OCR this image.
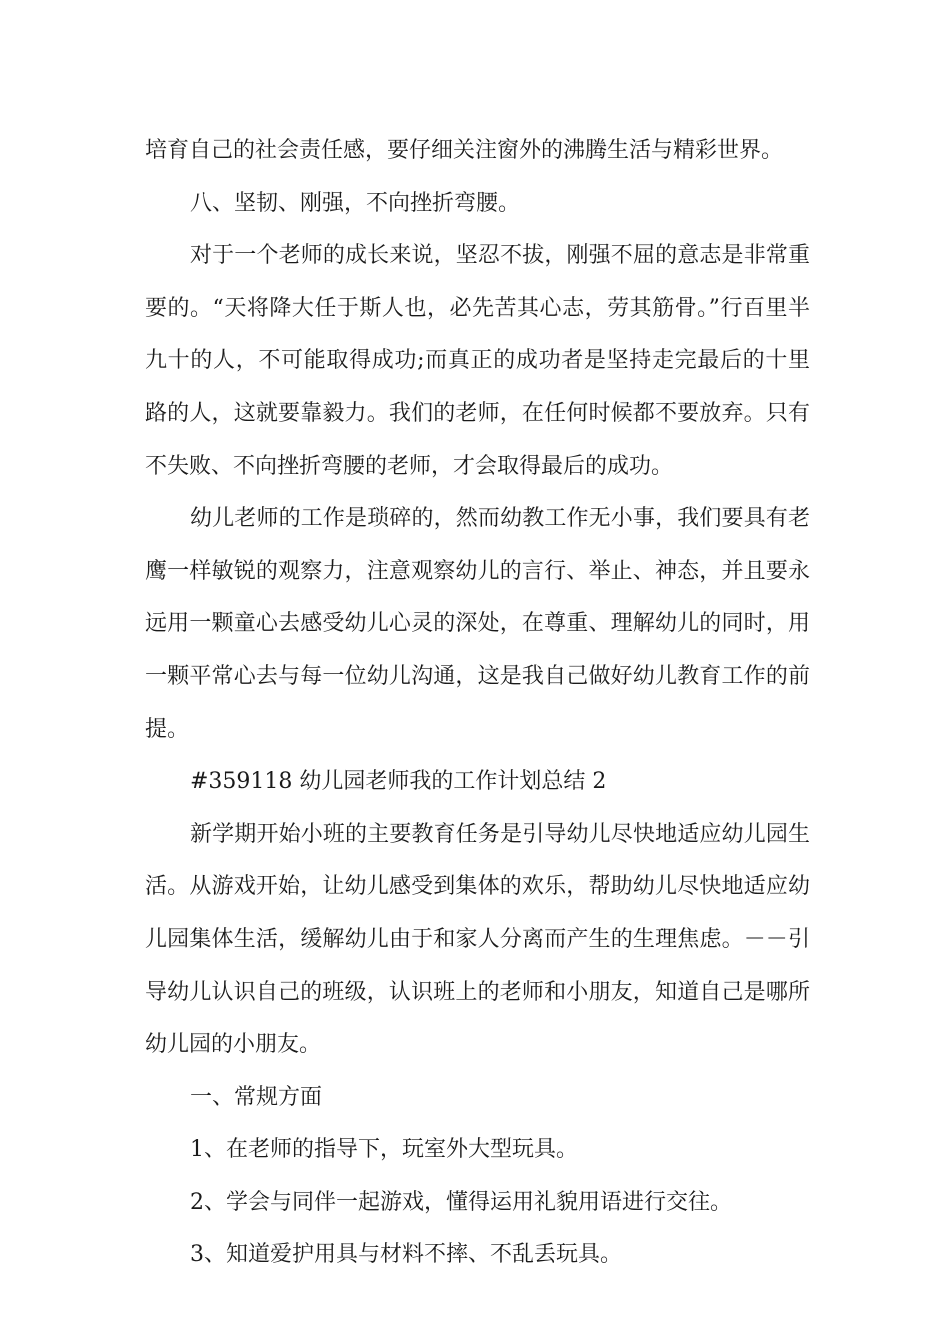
培育自己的社会责任感，要仔细关注窗外的沸腾生活与精彩世界。

八、坚韧、刚强，不向挫折弯腰。

对于一个老师的成长来说，坚忍不拔，刚强不屈的意志是非常重要的。“天将降大任于斯人也，必先苦其心志，劳其筋骨。”行百里半九十的人，不可能取得成功;而真正的成功者是坚持走完最后的十里路的人，这就要靠毅力。我们的老师，在任何时候都不要放弃。只有不失败、不向挫折弯腰的老师，才会取得最后的成功。

幼儿老师的工作是琐碎的，然而幼教工作无小事，我们要具有老鹰一样敏锐的观察力，注意观察幼儿的言行、举止、神态，并且要永远用一颗童心去感受幼儿心灵的深处，在尊重、理解幼儿的同时，用一颗平常心去与每一位幼儿沟通，这是我自己做好幼儿教育工作的前提。

#359118 幼儿园老师我的工作计划总结 2

新学期开始小班的主要教育任务是引导幼儿尽快地适应幼儿园生活。从游戏开始，让幼儿感受到集体的欢乐，帮助幼儿尽快地适应幼儿园集体生活，缓解幼儿由于和家人分离而产生的生理焦虑。－－引导幼儿认识自己的班级，认识班上的老师和小朋友，知道自己是哪所幼儿园的小朋友。

一、常规方面

1、在老师的指导下，玩室外大型玩具。

2、学会与同伴一起游戏，懂得运用礼貌用语进行交往。

3、知道爱护用具与材料不摔、不乱丢玩具。
